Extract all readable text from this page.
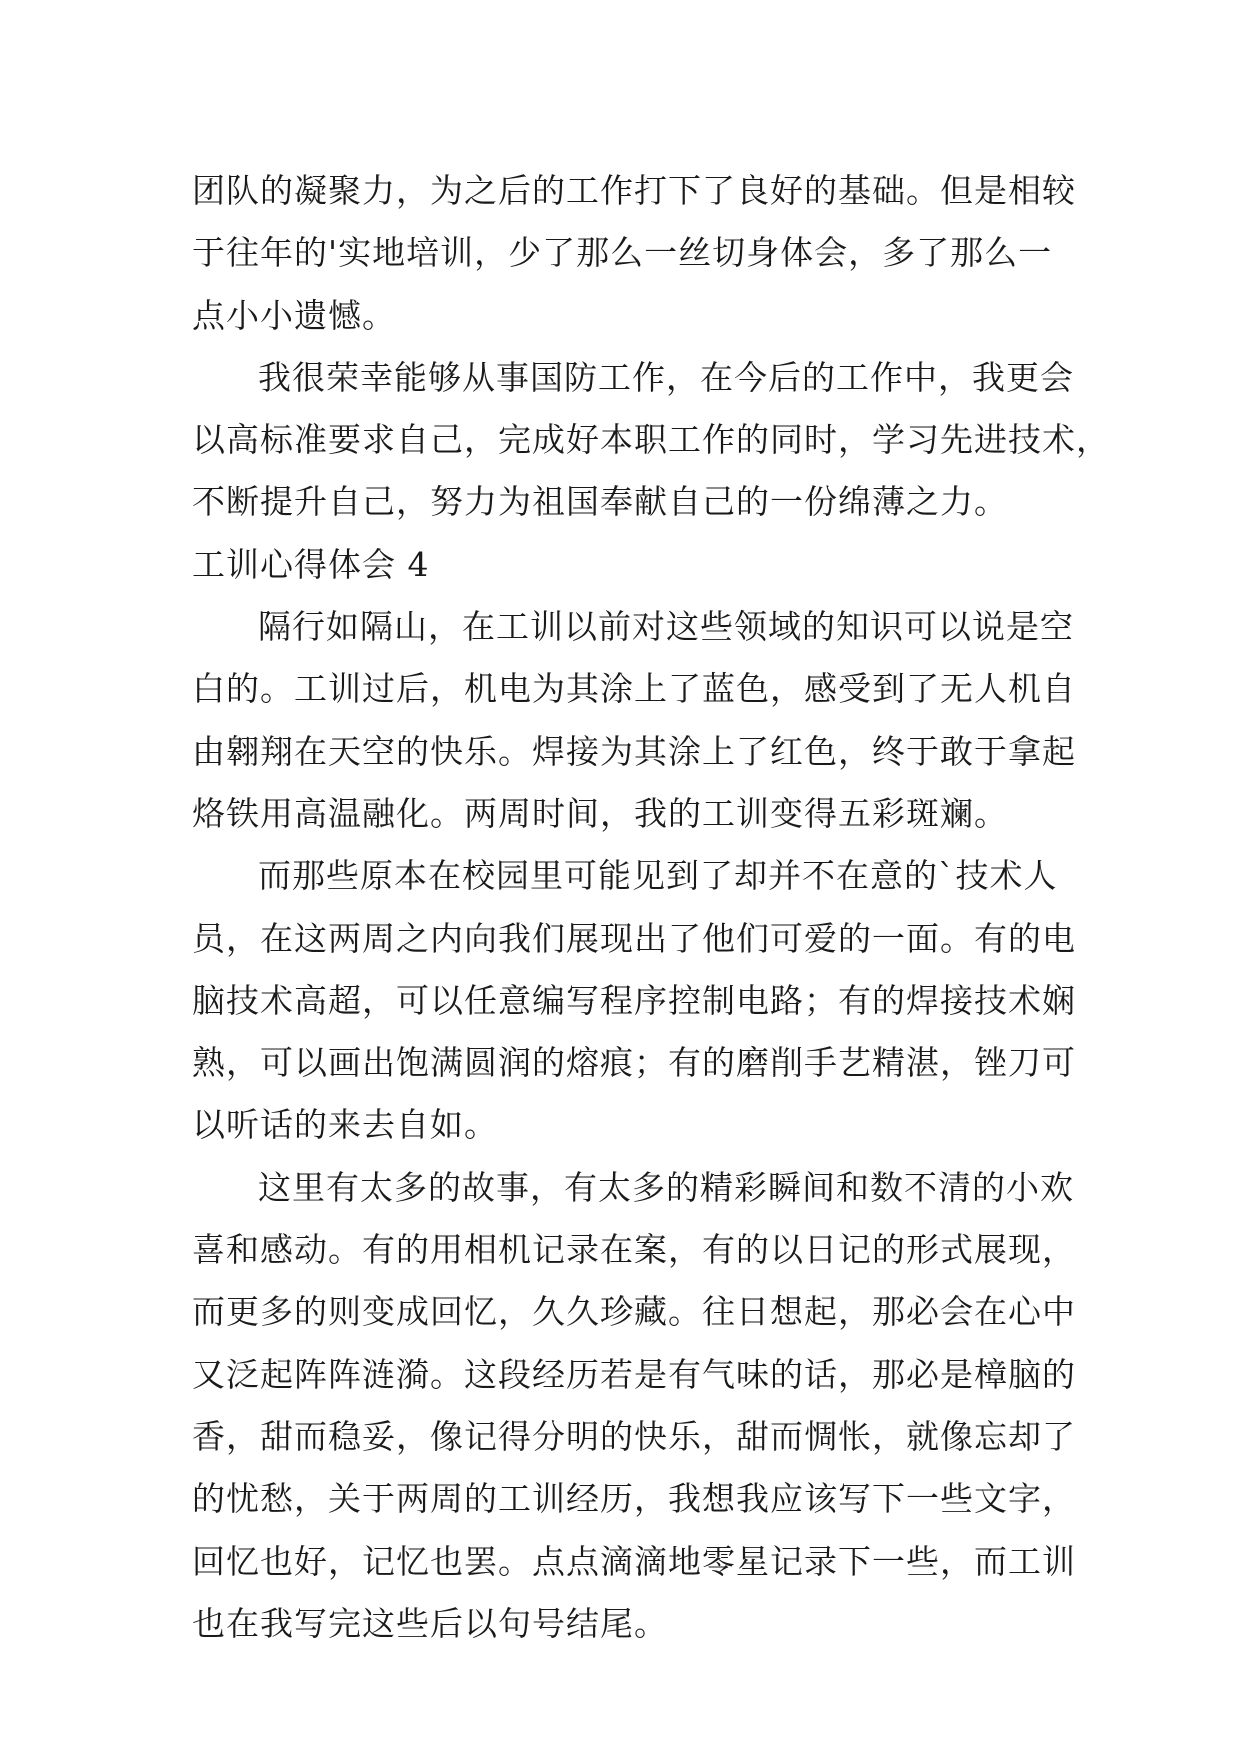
团队的凝聚力，为之后的工作打下了良好的基础。但是相较
于往年的'实地培训，少了那么一丝切身体会，多了那么一
点小小遗憾。
我很荣幸能够从事国防工作，在今后的工作中，我更会
以高标准要求自己，完成好本职工作的同时，学习先进技术，
不断提升自己，努力为祖国奉献自己的一份绵薄之力。
工训心得体会 4
隔行如隔山，在工训以前对这些领域的知识可以说是空
白的。工训过后，机电为其涂上了蓝色，感受到了无人机自
由翱翔在天空的快乐。焊接为其涂上了红色，终于敢于拿起
烙铁用高温融化。两周时间，我的工训变得五彩斑斓。
而那些原本在校园里可能见到了却并不在意的`技术人
员，在这两周之内向我们展现出了他们可爱的一面。有的电
脑技术高超，可以任意编写程序控制电路；有的焊接技术娴
熟，可以画出饱满圆润的熔痕；有的磨削手艺精湛，锉刀可
以听话的来去自如。
这里有太多的故事，有太多的精彩瞬间和数不清的小欢
喜和感动。有的用相机记录在案，有的以日记的形式展现，
而更多的则变成回忆，久久珍藏。往日想起，那必会在心中
又泛起阵阵涟漪。这段经历若是有气味的话，那必是樟脑的
香，甜而稳妥，像记得分明的快乐，甜而惆怅，就像忘却了
的忧愁，关于两周的工训经历，我想我应该写下一些文字，
回忆也好，记忆也罢。点点滴滴地零星记录下一些，而工训
也在我写完这些后以句号结尾。
